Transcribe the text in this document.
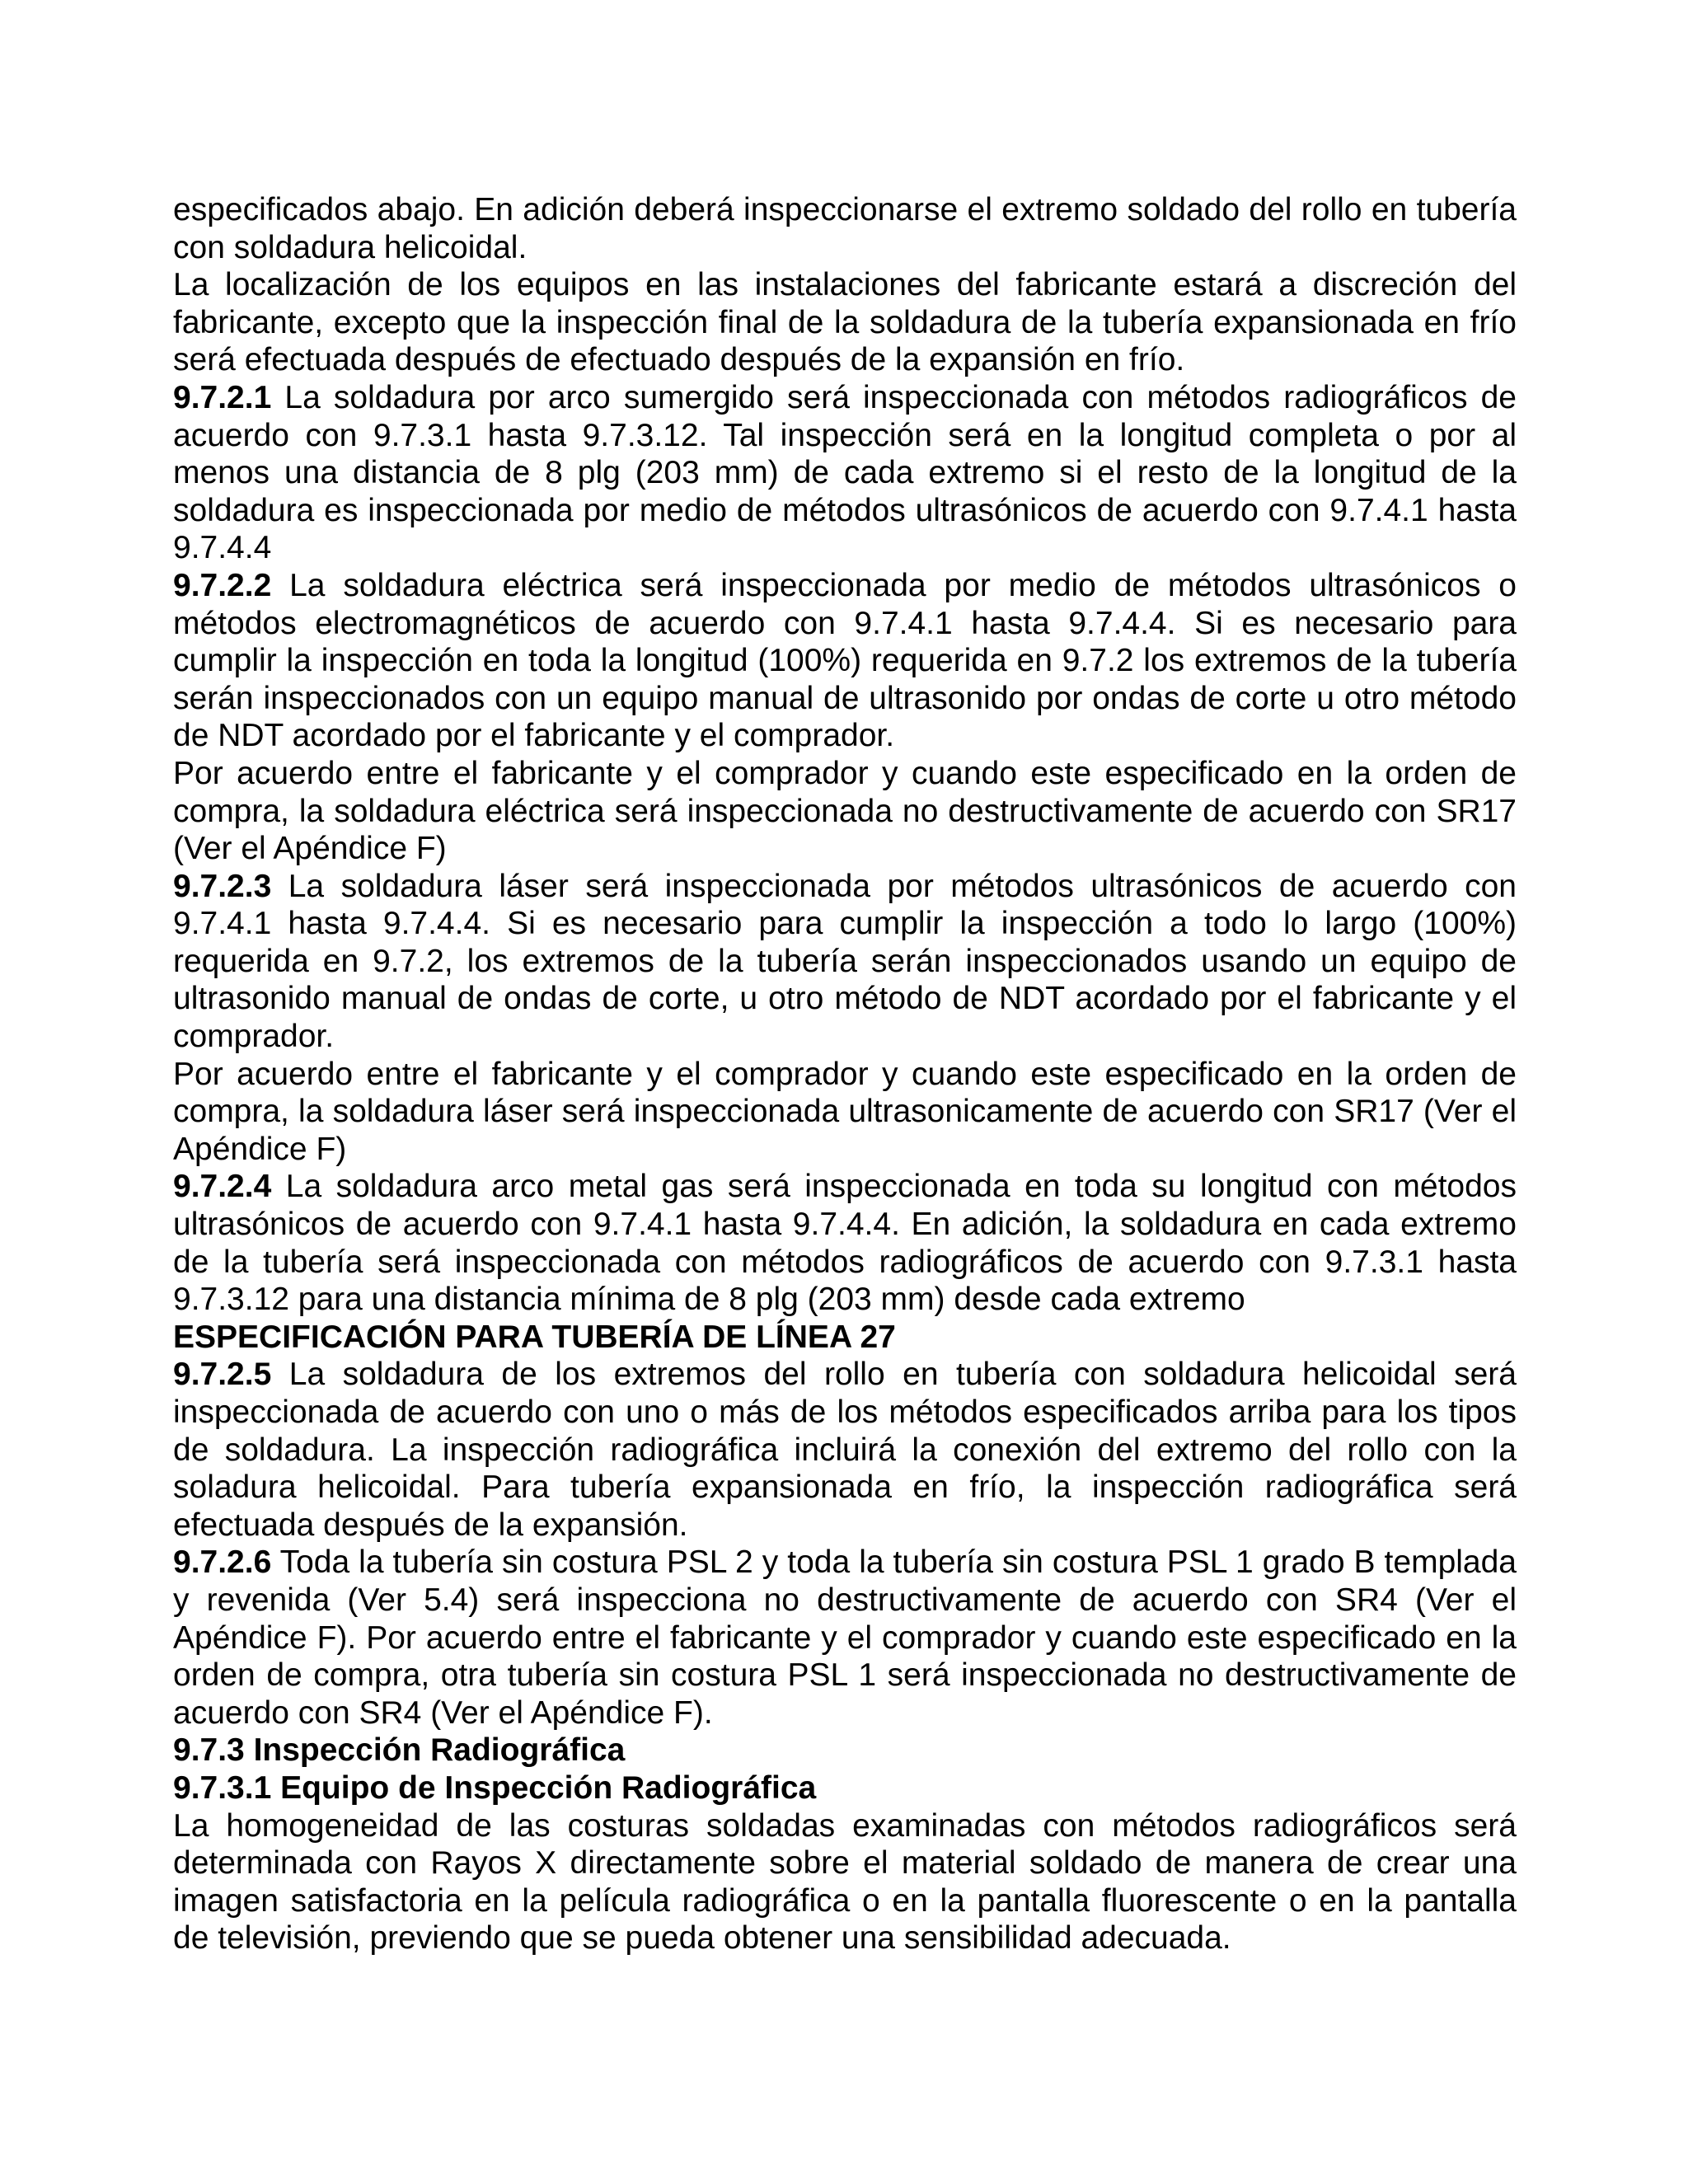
especificados abajo. En adición deberá inspeccionarse el extremo soldado del rollo en tubería con soldadura helicoidal.

La localización de los equipos en las instalaciones del fabricante estará a discreción del fabricante, excepto que la inspección final de la soldadura de la tubería expansionada en frío será efectuada después de efectuado después de la expansión en frío.

9.7.2.1 La soldadura por arco sumergido será inspeccionada con métodos radiográficos de acuerdo con 9.7.3.1 hasta 9.7.3.12. Tal inspección será en la longitud completa o por al menos una distancia de 8 plg (203 mm) de cada extremo si el resto de la longitud de la soldadura es inspeccionada por medio de métodos ultrasónicos de acuerdo con 9.7.4.1 hasta 9.7.4.4

9.7.2.2 La soldadura eléctrica será inspeccionada por medio de métodos ultrasónicos o métodos electromagnéticos de acuerdo con 9.7.4.1 hasta 9.7.4.4. Si es necesario para cumplir la inspección en toda la longitud (100%) requerida en 9.7.2 los extremos de la tubería serán inspeccionados con un equipo manual de ultrasonido por ondas de corte u otro método de NDT acordado por el fabricante y el comprador.

Por acuerdo entre el fabricante y el comprador y cuando este especificado en la orden de compra, la soldadura eléctrica será inspeccionada no destructivamente de acuerdo con SR17 (Ver el Apéndice F)

9.7.2.3 La soldadura láser será inspeccionada por métodos ultrasónicos de acuerdo con 9.7.4.1 hasta 9.7.4.4. Si es necesario para cumplir la inspección a todo lo largo (100%) requerida en 9.7.2, los extremos de la tubería serán inspeccionados usando un equipo de ultrasonido manual de ondas de corte, u otro método de NDT acordado por el fabricante y el comprador.

Por acuerdo entre el fabricante y el comprador y cuando este especificado en la orden de compra, la soldadura láser será inspeccionada ultrasonicamente de acuerdo con SR17 (Ver el Apéndice F)

9.7.2.4 La soldadura arco metal gas será inspeccionada en toda su longitud con métodos ultrasónicos de acuerdo con 9.7.4.1 hasta 9.7.4.4. En adición, la soldadura en cada extremo de la tubería será inspeccionada con métodos radiográficos de acuerdo con 9.7.3.1 hasta 9.7.3.12 para una distancia mínima de 8 plg (203 mm) desde cada extremo

ESPECIFICACIÓN PARA TUBERÍA DE LÍNEA 27

9.7.2.5 La soldadura de los extremos del rollo en tubería con soldadura helicoidal será inspeccionada de acuerdo con uno o más de los métodos especificados arriba para los tipos de soldadura. La inspección radiográfica incluirá la conexión del extremo del rollo con la soladura helicoidal. Para tubería expansionada en frío, la inspección radiográfica será efectuada después de la expansión.

9.7.2.6 Toda la tubería sin costura PSL 2 y toda la tubería sin costura PSL 1 grado B templada y revenida (Ver 5.4) será inspecciona no destructivamente de acuerdo con SR4 (Ver el Apéndice F). Por acuerdo entre el fabricante y el comprador y cuando este especificado en la orden de compra, otra tubería sin costura PSL 1 será inspeccionada no destructivamente de acuerdo con SR4 (Ver el Apéndice F).

9.7.3 Inspección Radiográfica

9.7.3.1 Equipo de Inspección Radiográfica

La homogeneidad de las costuras soldadas examinadas con métodos radiográficos será determinada con Rayos X directamente sobre el material soldado de manera de crear una imagen satisfactoria en la película radiográfica o en la pantalla fluorescente o en la pantalla de televisión, previendo que se pueda obtener una sensibilidad adecuada.
